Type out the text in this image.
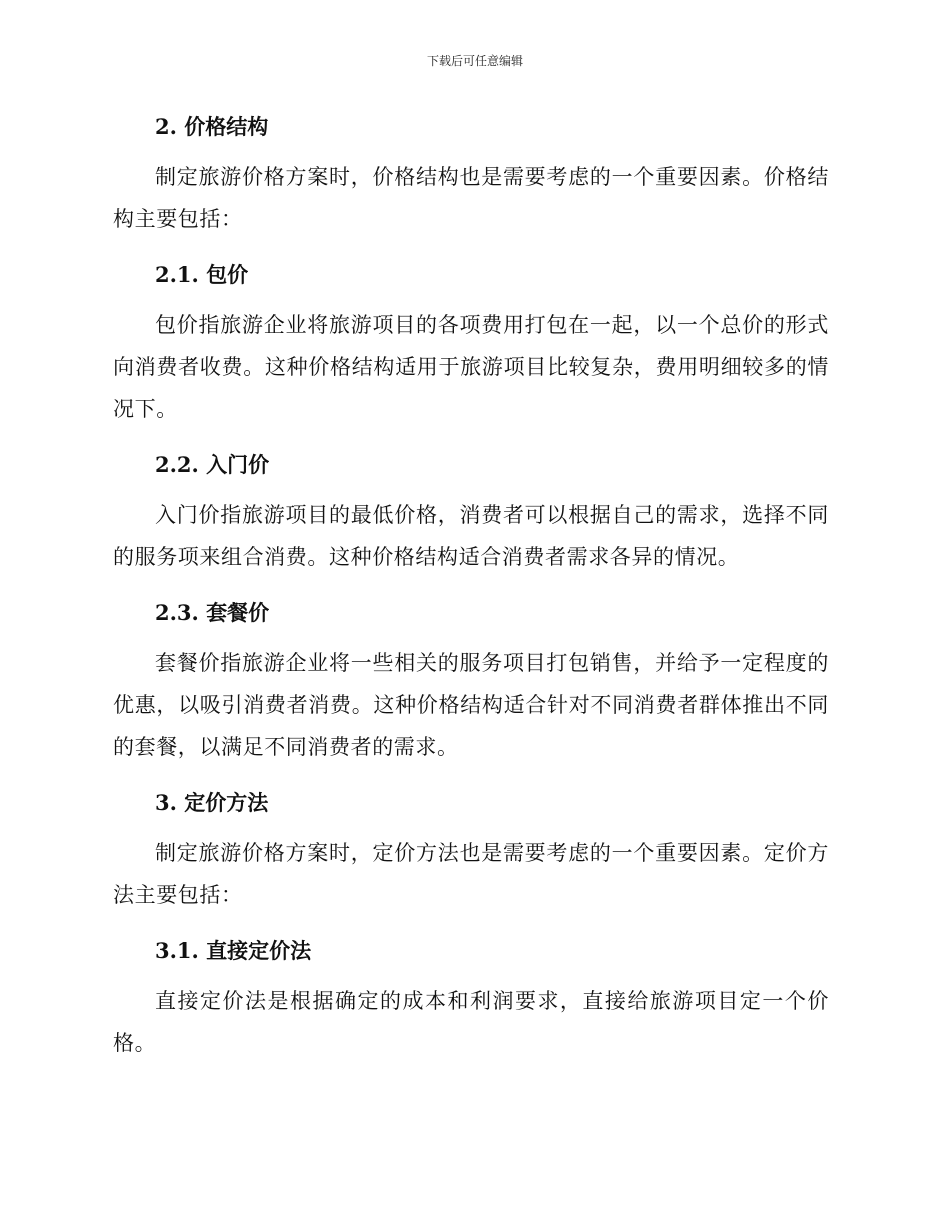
下载后可任意编辑
2. 价格结构

制定旅游价格方案时，价格结构也是需要考虑的一个重要因素。价格结构主要包括：

2.1. 包价

包价指旅游企业将旅游项目的各项费用打包在一起，以一个总价的形式向消费者收费。这种价格结构适用于旅游项目比较复杂，费用明细较多的情况下。

2.2. 入门价

入门价指旅游项目的最低价格，消费者可以根据自己的需求，选择不同的服务项来组合消费。这种价格结构适合消费者需求各异的情况。

2.3. 套餐价

套餐价指旅游企业将一些相关的服务项目打包销售，并给予一定程度的优惠，以吸引消费者消费。这种价格结构适合针对不同消费者群体推出不同的套餐，以满足不同消费者的需求。

3. 定价方法

制定旅游价格方案时，定价方法也是需要考虑的一个重要因素。定价方法主要包括：

3.1. 直接定价法

直接定价法是根据确定的成本和利润要求，直接给旅游项目定一个价格。
